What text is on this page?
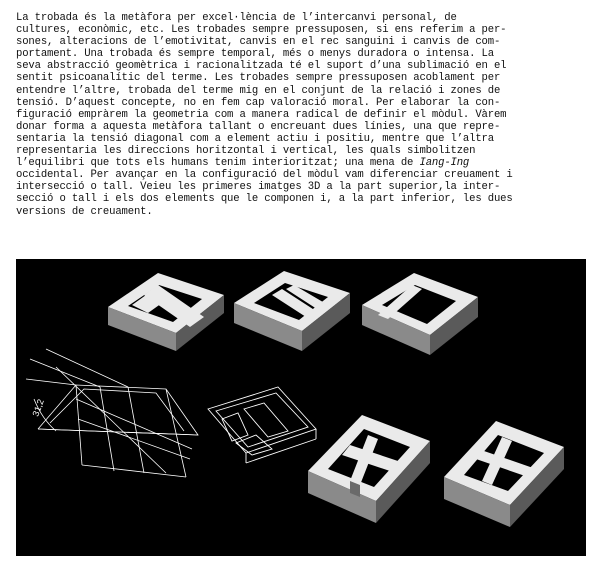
La trobada és la metàfora per excel·lència de l’intercanvi personal, de
cultures, econòmic, etc. Les trobades sempre pressuposen, si ens referim a per-
sones, alteracions de l’emotivitat, canvis en el rec sanguini i canvis de com-
portament. Una trobada és sempre temporal, més o menys duradora o intensa. La
seva abstracció geomètrica i racionalitzada té el suport d’una sublimació en el
sentit psicoanalític del terme. Les trobades sempre pressuposen acoblament per
entendre l’altre, trobada del terme mig en el conjunt de la relació i zones de
tensió. D’aquest concepte, no en fem cap valoració moral. Per elaborar la con-
figuració empràrem la geometria com a manera radical de definir el mòdul. Vàrem
donar forma a aquesta metàfora tallant o encreuant dues línies, una que repre-
sentaria la tensió diagonal com a element actiu i positiu, mentre que l’altra
representaria les direccions horitzontal i vertical, les quals simbolitzen
l’equilibri que tots els humans tenim interioritzat; una mena de Iang-Ing
occidental. Per avançar en la configuració del mòdul vam diferenciar creuament i
intersecció o tall. Veieu les primeres imatges 3D a la part superior,la inter-
secció o tall i els dos elements que le componen i, a la part inferior, les dues
versions de creuament.
31,2
